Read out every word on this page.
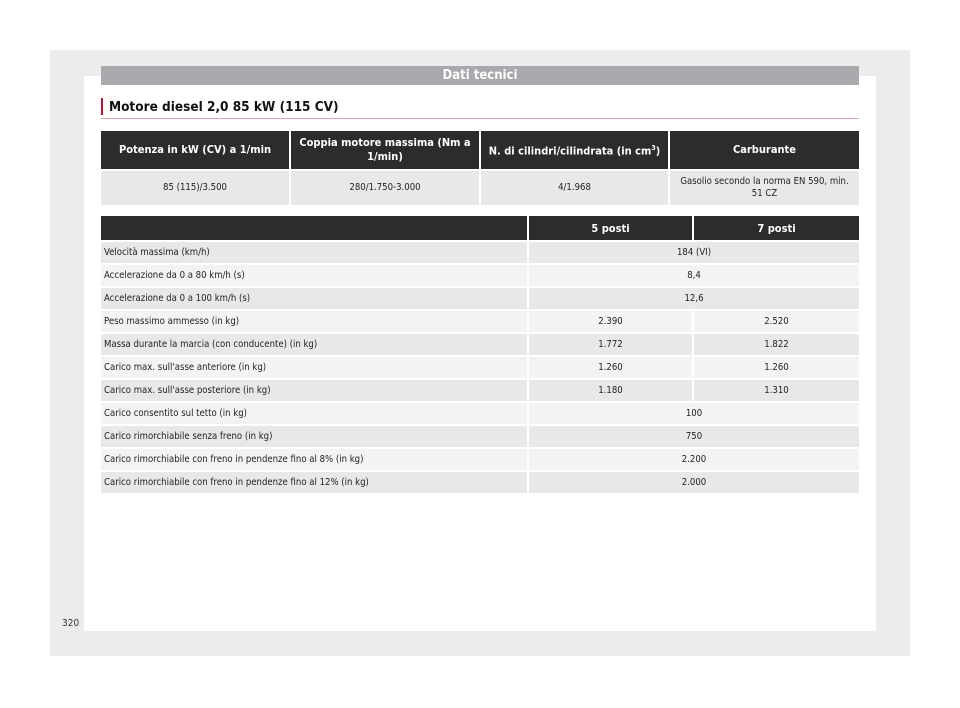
Dati tecnici
Motore diesel 2,0 85 kW (115 CV)
Potenza in kW (CV) a 1/min	Coppia motore massima (Nm a 1/min)	N. di cilindri/cilindrata (in $cm^3$)	Carburante
85 (115)/3.500	280/1.750-3.000	4/1.968	Gasolio secondo la norma EN 590, min. 51 CZ
	5 posti	7 posti
Velocità massima (km/h)	184 (VI)	
Accelerazione da 0 a 80 km/h (s)	8,4	
Accelerazione da 0 a 100 km/h (s)	12,6	
Peso massimo ammesso (in kg)	2.390	2.520
Massa durante la marcia (con conducente) (in kg)	1.772	1.822
Carico max. sull'asse anteriore (in kg)	1.260	1.260
Carico max. sull'asse posteriore (in kg)	1.180	1.310
Carico consentito sul tetto (in kg)	100	
Carico rimorchiabile senza freno (in kg)	750	
Carico rimorchiabile con freno in pendenze fino al 8% (in kg)	2.200	
Carico rimorchiabile con freno in pendenze fino al 12% (in kg)	2.000	
320
